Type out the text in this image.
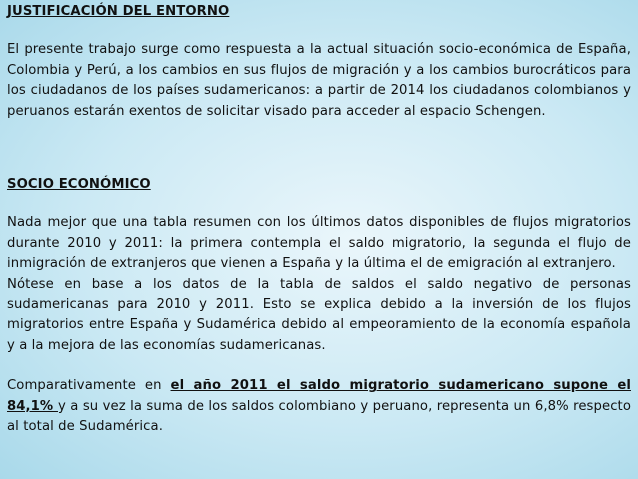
JUSTIFICACIÓN DEL ENTORNO

El presente trabajo surge como respuesta a la actual situación socio-económica de España, Colombia y Perú, a los cambios en sus flujos de migración y a los cambios burocráticos para los ciudadanos de los países sudamericanos: a partir de 2014 los ciudadanos colombianos y peruanos estarán exentos de solicitar visado para acceder al espacio Schengen.

SOCIO ECONÓMICO

Nada mejor que una tabla resumen con los últimos datos disponibles de flujos migratorios durante 2010 y 2011: la primera contempla el saldo migratorio, la segunda el flujo de inmigración de extranjeros que vienen a España y la última el de emigración al extranjero.

Nótese en base a los datos de la tabla de saldos el saldo negativo de personas sudamericanas para 2010 y 2011. Esto se explica debido a la inversión de los flujos migratorios entre España y Sudamérica debido al empeoramiento de la economía española y a la mejora de las economías sudamericanas.

Comparativamente en el año 2011 el saldo migratorio sudamericano supone el 84,1% y a su vez la suma de los saldos colombiano y peruano, representa un 6,8% respecto al total de Sudamérica.
